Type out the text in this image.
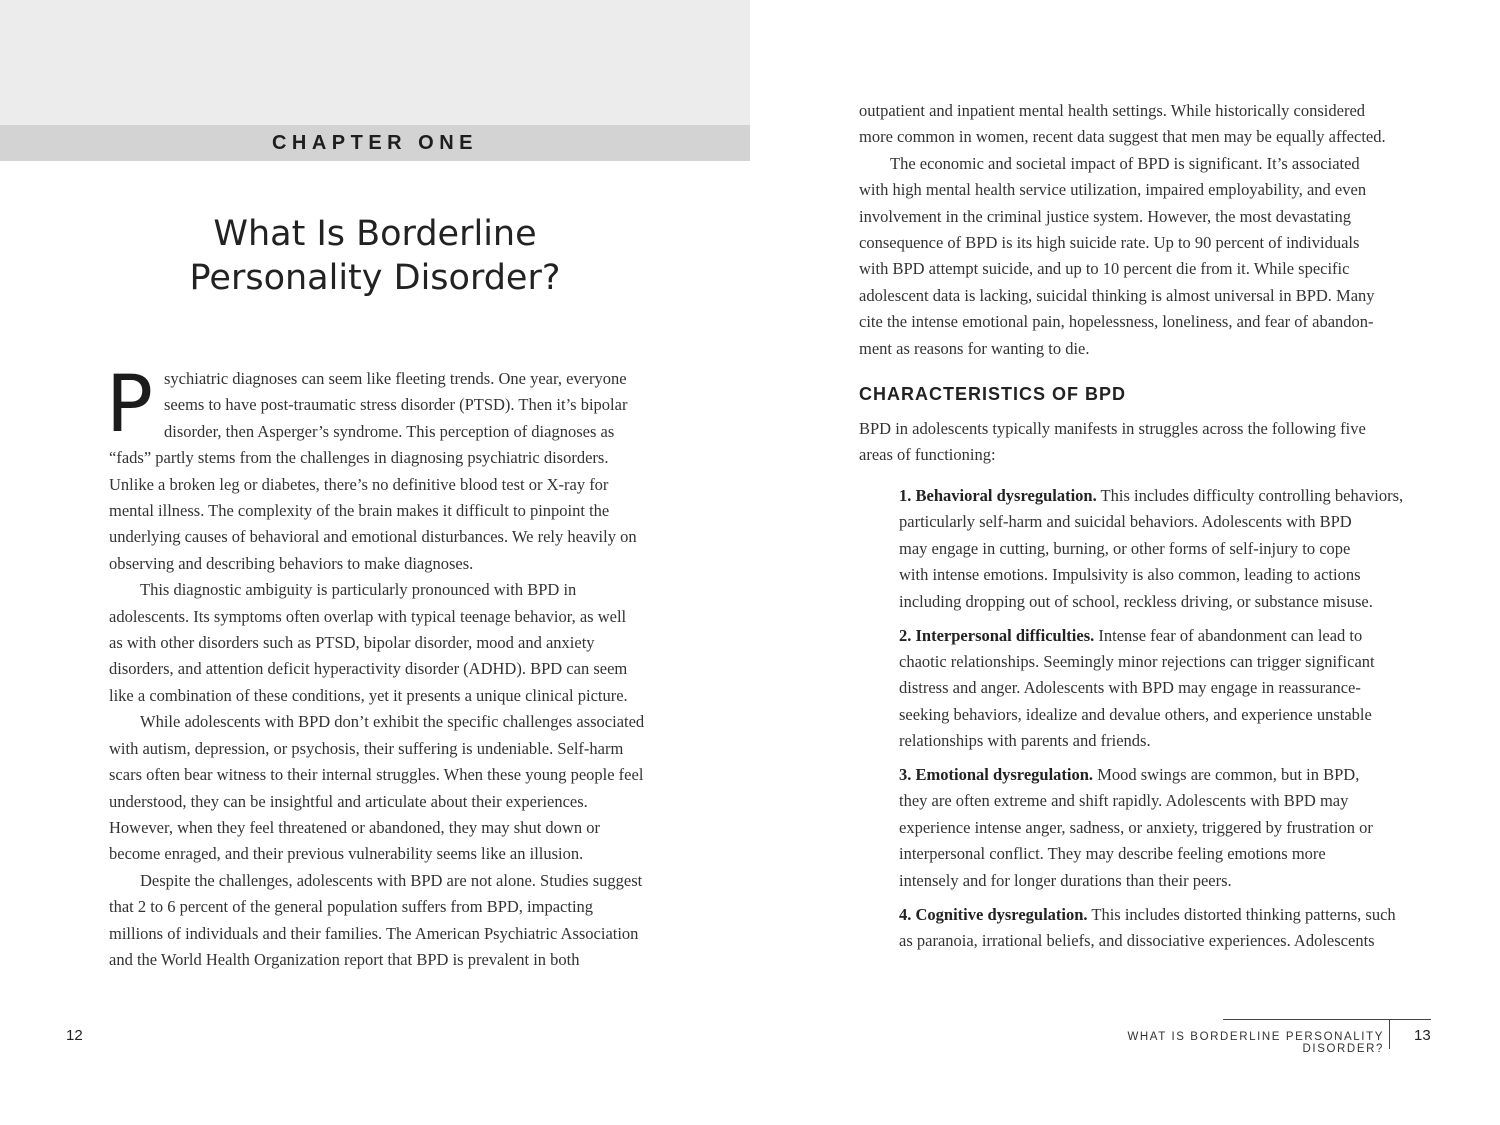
CHAPTER ONE
What Is Borderline
Personality Disorder?
P sychiatric diagnoses can seem like fleeting trends. One year, everyone
seems to have post-traumatic stress disorder (PTSD). Then it’s bipolar
disorder, then Asperger’s syndrome. This perception of diagnoses as
“fads” partly stems from the challenges in diagnosing psychiatric disorders.
Unlike a broken leg or diabetes, there’s no definitive blood test or X-ray for
mental illness. The complexity of the brain makes it difficult to pinpoint the
underlying causes of behavioral and emotional disturbances. We rely heavily on
observing and describing behaviors to make diagnoses.
This diagnostic ambiguity is particularly pronounced with BPD in
adolescents. Its symptoms often overlap with typical teenage behavior, as well
as with other disorders such as PTSD, bipolar disorder, mood and anxiety
disorders, and attention deficit hyperactivity disorder (ADHD). BPD can seem
like a combination of these conditions, yet it presents a unique clinical picture.
While adolescents with BPD don’t exhibit the specific challenges associated
with autism, depression, or psychosis, their suffering is undeniable. Self-harm
scars often bear witness to their internal struggles. When these young people feel
understood, they can be insightful and articulate about their experiences.
However, when they feel threatened or abandoned, they may shut down or
become enraged, and their previous vulnerability seems like an illusion.
Despite the challenges, adolescents with BPD are not alone. Studies suggest
that 2 to 6 percent of the general population suffers from BPD, impacting
millions of individuals and their families. The American Psychiatric Association
and the World Health Organization report that BPD is prevalent in both
12
outpatient and inpatient mental health settings. While historically considered
more common in women, recent data suggest that men may be equally affected.
The economic and societal impact of BPD is significant. It’s associated
with high mental health service utilization, impaired employability, and even
involvement in the criminal justice system. However, the most devastating
consequence of BPD is its high suicide rate. Up to 90 percent of individuals
with BPD attempt suicide, and up to 10 percent die from it. While specific
adolescent data is lacking, suicidal thinking is almost universal in BPD. Many
cite the intense emotional pain, hopelessness, loneliness, and fear of abandon-
ment as reasons for wanting to die.
CHARACTERISTICS OF BPD
BPD in adolescents typically manifests in struggles across the following five
areas of functioning:
1. Behavioral dysregulation. This includes difficulty controlling behaviors,
particularly self-harm and suicidal behaviors. Adolescents with BPD
may engage in cutting, burning, or other forms of self-injury to cope
with intense emotions. Impulsivity is also common, leading to actions
including dropping out of school, reckless driving, or substance misuse.
2. Interpersonal difficulties. Intense fear of abandonment can lead to
chaotic relationships. Seemingly minor rejections can trigger significant
distress and anger. Adolescents with BPD may engage in reassurance-
seeking behaviors, idealize and devalue others, and experience unstable
relationships with parents and friends.
3. Emotional dysregulation. Mood swings are common, but in BPD,
they are often extreme and shift rapidly. Adolescents with BPD may
experience intense anger, sadness, or anxiety, triggered by frustration or
interpersonal conflict. They may describe feeling emotions more
intensely and for longer durations than their peers.
4. Cognitive dysregulation. This includes distorted thinking patterns, such
as paranoia, irrational beliefs, and dissociative experiences. Adolescents
WHAT IS BORDERLINE PERSONALITY DISORDER?
13
